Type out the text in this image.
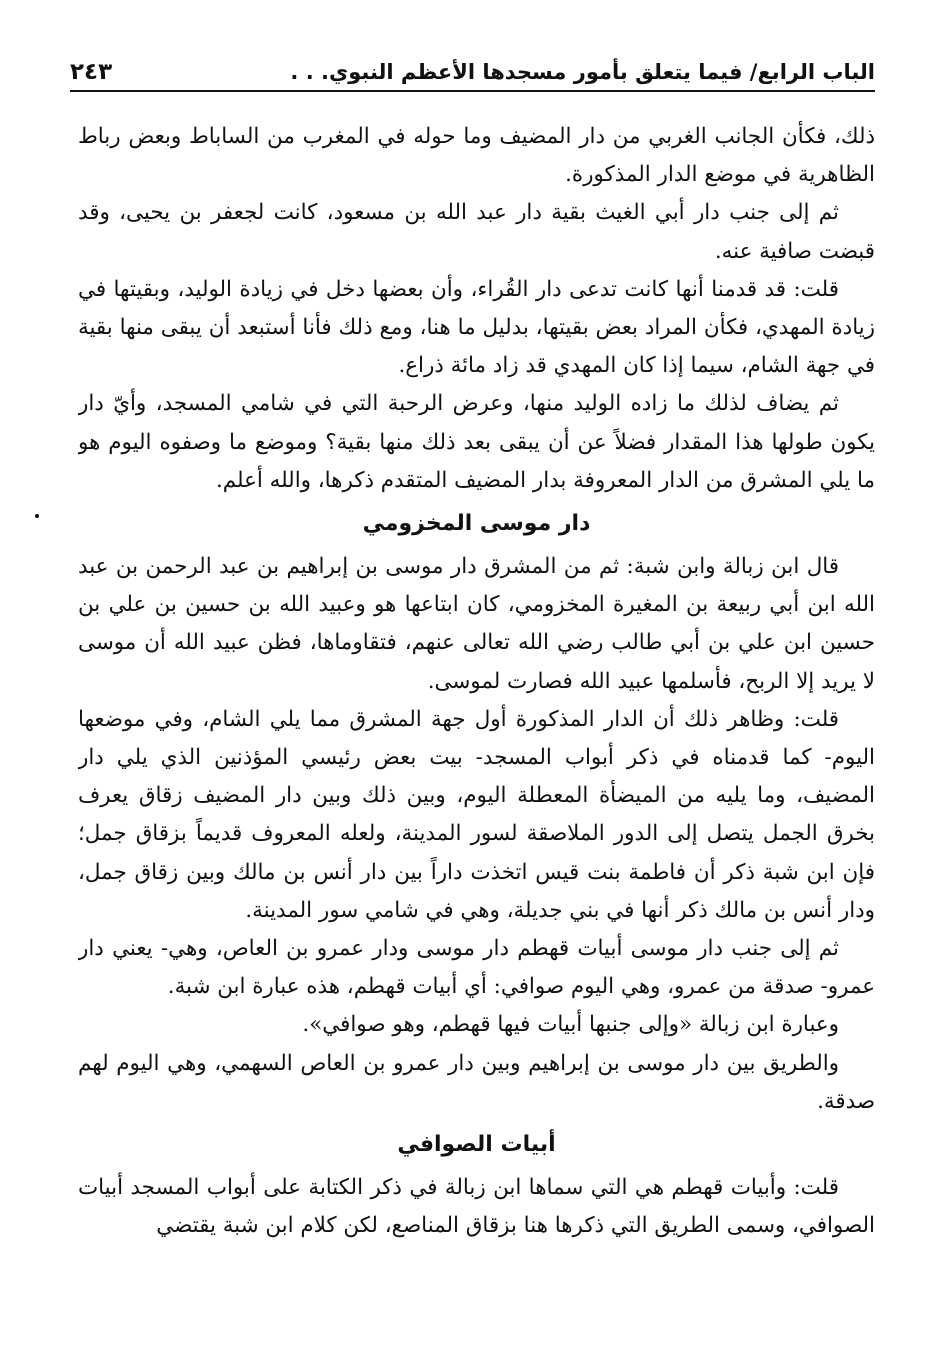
الباب الرابع/ فيما يتعلق بأمور مسجدها الأعظم النبوي. . .
٢٤٣

ذلك، فكأن الجانب الغربي من دار المضيف وما حوله في المغرب من الساباط وبعض رباط الظاهرية في موضع الدار المذكورة.

ثم إلى جنب دار أبي الغيث بقية دار عبد الله بن مسعود، كانت لجعفر بن يحيى، وقد قبضت صافية عنه.

قلت: قد قدمنا أنها كانت تدعى دار القُراء، وأن بعضها دخل في زيادة الوليد، وبقيتها في زيادة المهدي، فكأن المراد بعض بقيتها، بدليل ما هنا، ومع ذلك فأنا أستبعد أن يبقى منها بقية في جهة الشام، سيما إذا كان المهدي قد زاد مائة ذراع.

ثم يضاف لذلك ما زاده الوليد منها، وعرض الرحبة التي في شامي المسجد، وأيّ دار يكون طولها هذا المقدار فضلاً عن أن يبقى بعد ذلك منها بقية؟ وموضع ما وصفوه اليوم هو ما يلي المشرق من الدار المعروفة بدار المضيف المتقدم ذكرها، والله أعلم.

دار موسى المخزومي

قال ابن زبالة وابن شبة: ثم من المشرق دار موسى بن إبراهيم بن عبد الرحمن بن عبد الله ابن أبي ربيعة بن المغيرة المخزومي، كان ابتاعها هو وعبيد الله بن حسين بن علي بن حسين ابن علي بن أبي طالب رضي الله تعالى عنهم، فتقاوماها، فظن عبيد الله أن موسى لا يريد إلا الربح، فأسلمها عبيد الله فصارت لموسى.

قلت: وظاهر ذلك أن الدار المذكورة أول جهة المشرق مما يلي الشام، وفي موضعها اليوم- كما قدمناه في ذكر أبواب المسجد- بيت بعض رئيسي المؤذنين الذي يلي دار المضيف، وما يليه من الميضأة المعطلة اليوم، وبين ذلك وبين دار المضيف زقاق يعرف بخرق الجمل يتصل إلى الدور الملاصقة لسور المدينة، ولعله المعروف قديماً بزقاق جمل؛ فإن ابن شبة ذكر أن فاطمة بنت قيس اتخذت داراً بين دار أنس بن مالك وبين زقاق جمل، ودار أنس بن مالك ذكر أنها في بني جديلة، وهي في شامي سور المدينة.

ثم إلى جنب دار موسى أبيات قهطم دار موسى ودار عمرو بن العاص، وهي- يعني دار عمرو- صدقة من عمرو، وهي اليوم صوافي: أي أبيات قهطم، هذه عبارة ابن شبة.

وعبارة ابن زبالة «وإلى جنبها أبيات فيها قهطم، وهو صوافي».

والطريق بين دار موسى بن إبراهيم وبين دار عمرو بن العاص السهمي، وهي اليوم لهم صدقة.

أبيات الصوافي

قلت: وأبيات قهطم هي التي سماها ابن زبالة في ذكر الكتابة على أبواب المسجد أبيات الصوافي، وسمى الطريق التي ذكرها هنا بزقاق المناصع، لكن كلام ابن شبة يقتضي
